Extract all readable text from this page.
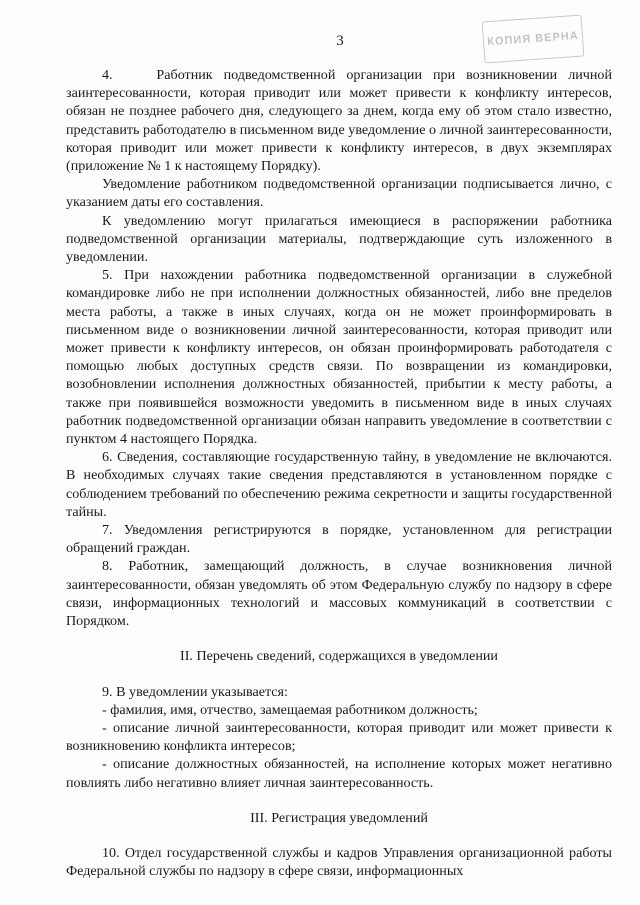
3	КОПИЯ ВЕРНА

4.    Работник подведомственной организации при возникновении личной заинтересованности, которая приводит или может привести к конфликту интересов, обязан не позднее рабочего дня, следующего за днем, когда ему об этом стало известно, представить работодателю в письменном виде уведомление о личной заинтересованности, которая приводит или может привести к конфликту интересов, в двух экземплярах (приложение № 1 к настоящему Порядку).

Уведомление работником подведомственной организации подписывается лично, с указанием даты его составления.

К уведомлению могут прилагаться имеющиеся в распоряжении работника подведомственной организации материалы, подтверждающие суть изложенного в уведомлении.

5. При нахождении работника подведомственной организации в служебной командировке либо не при исполнении должностных обязанностей, либо вне пределов места работы, а также в иных случаях, когда он не может проинформировать в письменном виде о возникновении личной заинтересованности, которая приводит или может привести к конфликту интересов, он обязан проинформировать работодателя с помощью любых доступных средств связи. По возвращении из командировки, возобновлении исполнения должностных обязанностей, прибытии к месту работы, а также при появившейся возможности уведомить в письменном виде в иных случаях работник подведомственной организации обязан направить уведомление в соответствии с пунктом 4 настоящего Порядка.

6. Сведения, составляющие государственную тайну, в уведомление не включаются. В необходимых случаях такие сведения представляются в установленном порядке с соблюдением требований по обеспечению режима секретности и защиты государственной тайны.

7. Уведомления регистрируются в порядке, установленном для регистрации обращений граждан.

8. Работник, замещающий должность, в случае возникновения личной заинтересованности, обязан уведомлять об этом Федеральную службу по надзору в сфере связи, информационных технологий и массовых коммуникаций в соответствии с Порядком.

II. Перечень сведений, содержащихся в уведомлении

9. В уведомлении указывается:

- фамилия, имя, отчество, замещаемая работником должность;

- описание личной заинтересованности, которая приводит или может привести к возникновению конфликта интересов;

- описание должностных обязанностей, на исполнение которых может негативно повлиять либо негативно влияет личная заинтересованность.

III. Регистрация уведомлений

10. Отдел государственной службы и кадров Управления организационной работы Федеральной службы по надзору в сфере связи, информационных
